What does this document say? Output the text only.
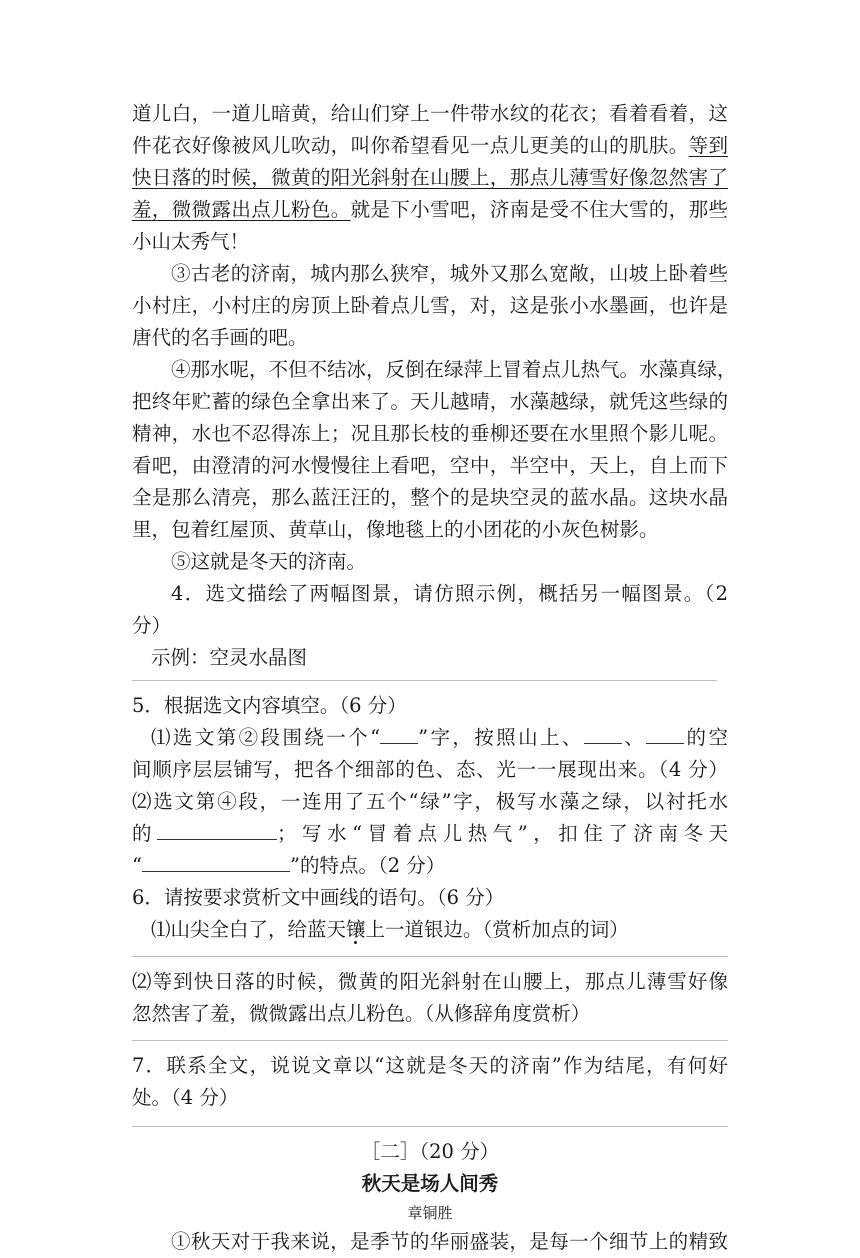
道儿白，一道儿暗黄，给山们穿上一件带水纹的花衣；看着看着，这
件花衣好像被风儿吹动，叫你希望看见一点儿更美的山的肌肤。等到
快日落的时候，微黄的阳光斜射在山腰上，那点儿薄雪好像忽然害了
羞，微微露出点儿粉色。就是下小雪吧，济南是受不住大雪的，那些
小山太秀气！
③古老的济南，城内那么狭窄，城外又那么宽敞，山坡上卧着些
小村庄，小村庄的房顶上卧着点儿雪，对，这是张小水墨画，也许是
唐代的名手画的吧。
④那水呢，不但不结冰，反倒在绿萍上冒着点儿热气。水藻真绿，
把终年贮蓄的绿色全拿出来了。天儿越晴，水藻越绿，就凭这些绿的
精神，水也不忍得冻上；况且那长枝的垂柳还要在水里照个影儿呢。
看吧，由澄清的河水慢慢往上看吧，空中，半空中，天上，自上而下
全是那么清亮，那么蓝汪汪的，整个的是块空灵的蓝水晶。这块水晶
里，包着红屋顶、黄草山，像地毯上的小团花的小灰色树影。
⑤这就是冬天的济南。
4．选文描绘了两幅图景，请仿照示例，概括另一幅图景。（2
分）
示例：空灵水晶图
5．根据选文内容填空。（6 分）
⑴选文第②段围绕一个“ ”字，按照山上、 、 的空
间顺序层层铺写，把各个细部的色、态、光一一展现出来。（4 分）
⑵选文第④段，一连用了五个“绿”字，极写水藻之绿，以衬托水
的	；写水“冒着点儿热气”，扣住了济南冬天
“	”的特点。（2 分）
6．请按要求赏析文中画线的语句。（6 分）
⑴山尖全白了，给蓝天镶上一道银边。（赏析加点的词）
⑵等到快日落的时候，微黄的阳光斜射在山腰上，那点儿薄雪好像
忽然害了羞，微微露出点儿粉色。（从修辞角度赏析）
7．联系全文，说说文章以“这就是冬天的济南”作为结尾，有何好
处。（4 分）
［二］（20 分）
秋天是场人间秀
章铜胜
①秋天对于我来说，是季节的华丽盛装，是每一个细节上的精致
